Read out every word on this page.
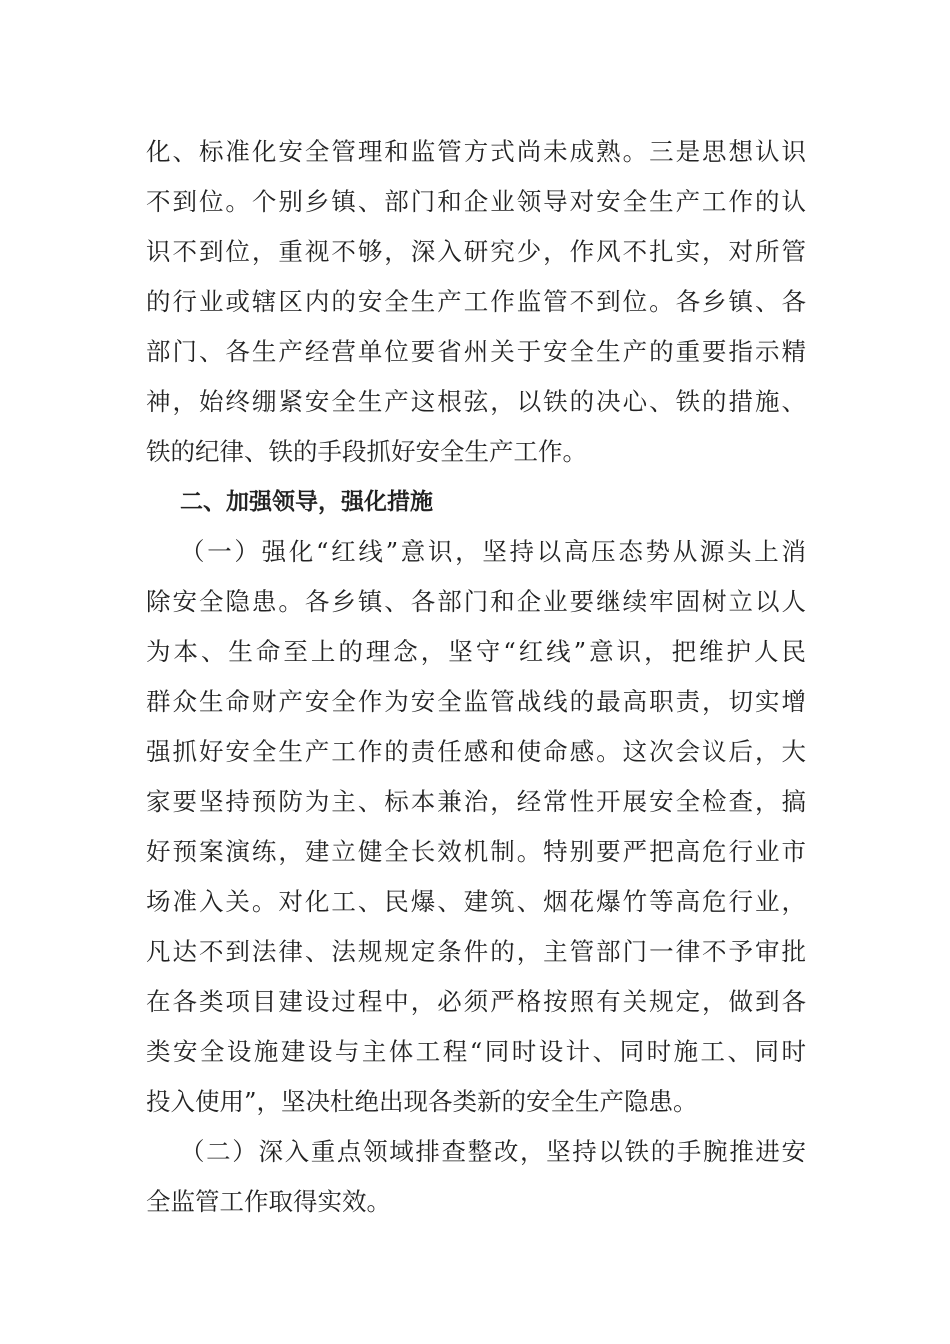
化、标准化安全管理和监管方式尚未成熟。三是思想认识
不到位。个别乡镇、部门和企业领导对安全生产工作的认
识不到位，重视不够，深入研究少，作风不扎实，对所管
的行业或辖区内的安全生产工作监管不到位。各乡镇、各
部门、各生产经营单位要省州关于安全生产的重要指示精
神，始终绷紧安全生产这根弦，以铁的决心、铁的措施、
铁的纪律、铁的手段抓好安全生产工作。
二、加强领导，强化措施
（一）强化“红线”意识，坚持以高压态势从源头上消
除安全隐患。各乡镇、各部门和企业要继续牢固树立以人
为本、生命至上的理念，坚守“红线”意识，把维护人民
群众生命财产安全作为安全监管战线的最高职责，切实增
强抓好安全生产工作的责任感和使命感。这次会议后，大
家要坚持预防为主、标本兼治，经常性开展安全检查，搞
好预案演练，建立健全长效机制。特别要严把高危行业市
场准入关。对化工、民爆、建筑、烟花爆竹等高危行业，
凡达不到法律、法规规定条件的，主管部门一律不予审批
在各类项目建设过程中，必须严格按照有关规定，做到各
类安全设施建设与主体工程“同时设计、同时施工、同时
投入使用”，坚决杜绝出现各类新的安全生产隐患。
（二）深入重点领域排查整改，坚持以铁的手腕推进安
全监管工作取得实效。
